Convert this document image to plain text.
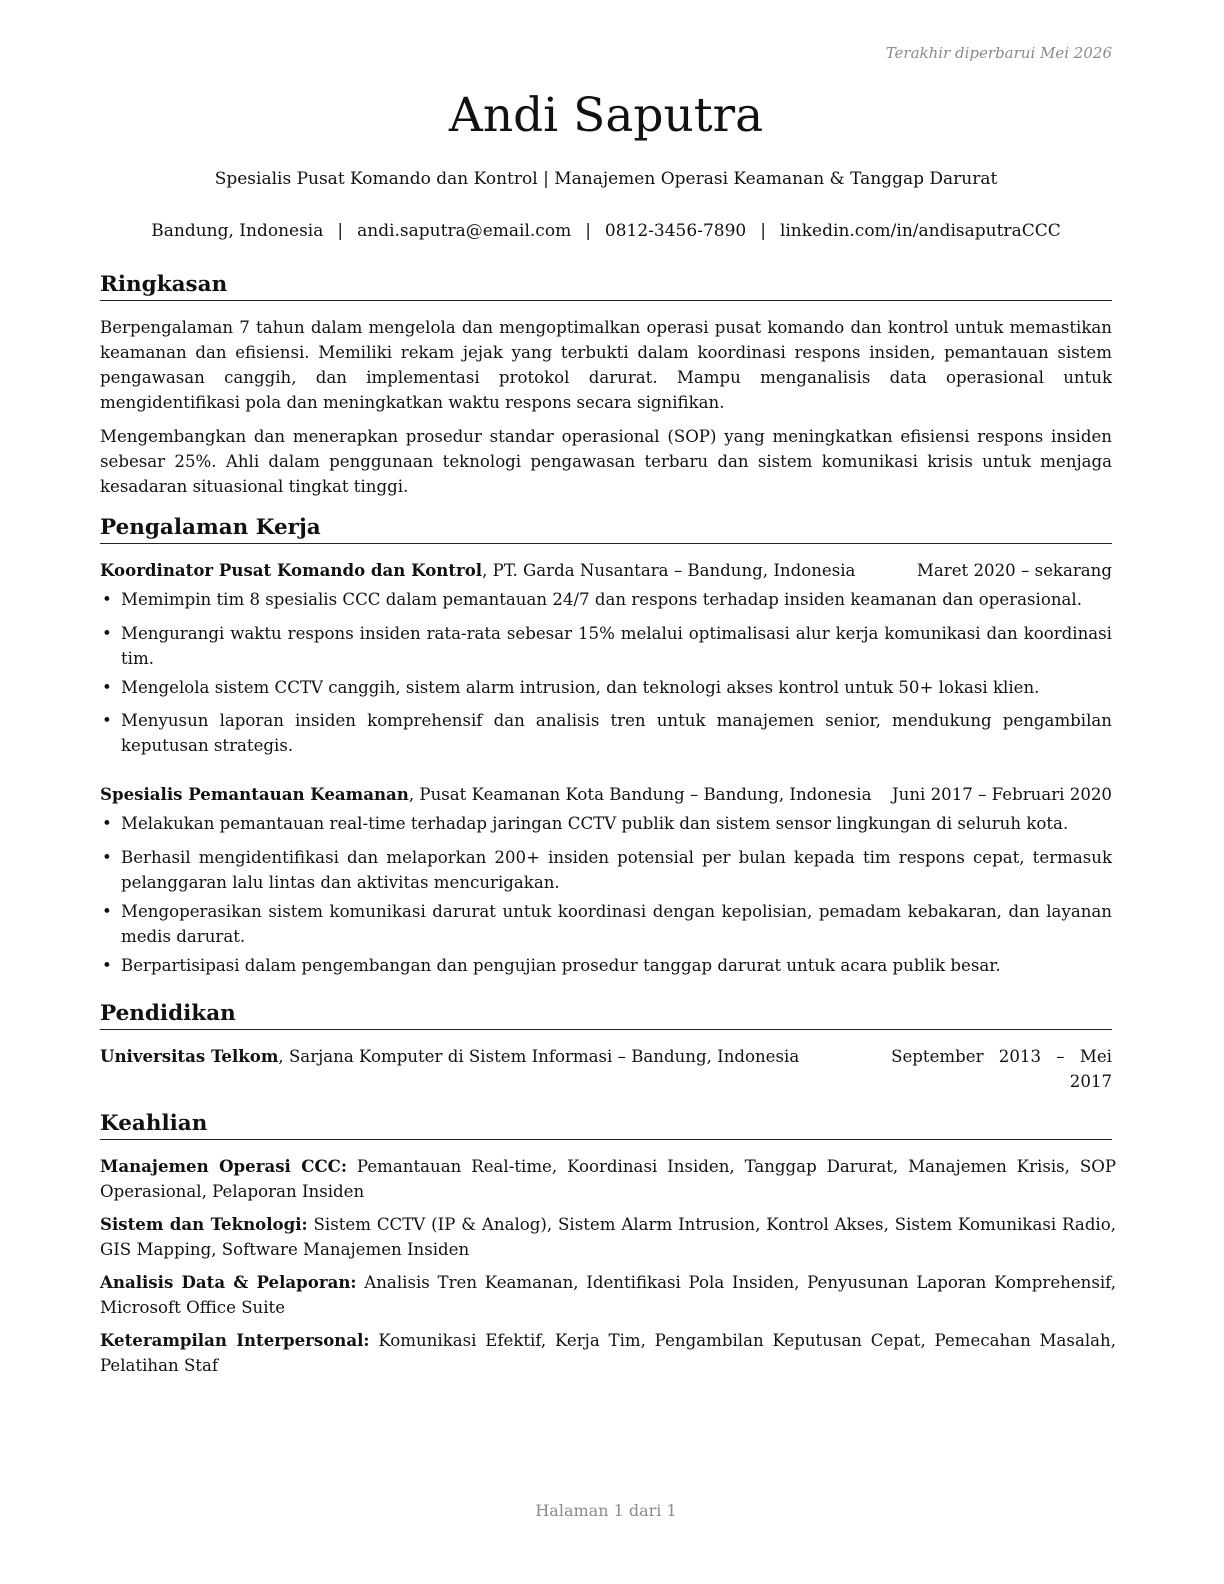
Terakhir diperbarui Mei 2026
Andi Saputra
Spesialis Pusat Komando dan Kontrol | Manajemen Operasi Keamanan & Tanggap Darurat
Bandung, Indonesia | andi.saputra@email.com | 0812-3456-7890 | linkedin.com/in/andisaputraCCC
Ringkasan

Berpengalaman 7 tahun dalam mengelola dan mengoptimalkan operasi pusat komando dan kontrol untuk memastikan keamanan dan efisiensi. Memiliki rekam jejak yang terbukti dalam koordinasi respons insiden, pemantauan sistem pengawasan canggih, dan implementasi protokol darurat. Mampu menganalisis data operasional untuk mengidentifikasi pola dan meningkatkan waktu respons secara signifikan.

Mengembangkan dan menerapkan prosedur standar operasional (SOP) yang meningkatkan efisiensi respons insiden sebesar 25%. Ahli dalam penggunaan teknologi pengawasan terbaru dan sistem komunikasi krisis untuk menjaga kesadaran situasional tingkat tinggi.

Pengalaman Kerja
Koordinator Pusat Komando dan Kontrol, PT. Garda Nusantara – Bandung, Indonesia	Maret 2020 – sekarang
• Memimpin tim 8 spesialis CCC dalam pemantauan 24/7 dan respons terhadap insiden keamanan dan operasional.
• Mengurangi waktu respons insiden rata-rata sebesar 15% melalui optimalisasi alur kerja komunikasi dan koordinasi tim.
• Mengelola sistem CCTV canggih, sistem alarm intrusion, dan teknologi akses kontrol untuk 50+ lokasi klien.
• Menyusun laporan insiden komprehensif dan analisis tren untuk manajemen senior, mendukung pengambilan keputusan strategis.
Spesialis Pemantauan Keamanan, Pusat Keamanan Kota Bandung – Bandung, Indonesia Juni 2017 – Februari 2020
• Melakukan pemantauan real-time terhadap jaringan CCTV publik dan sistem sensor lingkungan di seluruh kota.
• Berhasil mengidentifikasi dan melaporkan 200+ insiden potensial per bulan kepada tim respons cepat, termasuk pelanggaran lalu lintas dan aktivitas mencurigakan.
• Mengoperasikan sistem komunikasi darurat untuk koordinasi dengan kepolisian, pemadam kebakaran, dan layanan medis darurat.
• Berpartisipasi dalam pengembangan dan pengujian prosedur tanggap darurat untuk acara publik besar.
Pendidikan
Universitas Telkom, Sarjana Komputer di Sistem Informasi – Bandung, Indonesia	September 2013 – Mei
2017
Keahlian

Manajemen Operasi CCC: Pemantauan Real-time, Koordinasi Insiden, Tanggap Darurat, Manajemen Krisis, SOP Operasional, Pelaporan Insiden

Sistem dan Teknologi: Sistem CCTV (IP & Analog), Sistem Alarm Intrusion, Kontrol Akses, Sistem Komunikasi Radio, GIS Mapping, Software Manajemen Insiden

Analisis Data & Pelaporan: Analisis Tren Keamanan, Identifikasi Pola Insiden, Penyusunan Laporan Komprehensif, Microsoft Office Suite

Keterampilan Interpersonal: Komunikasi Efektif, Kerja Tim, Pengambilan Keputusan Cepat, Pemecahan Masalah, Pelatihan Staf

Halaman 1 dari 1
